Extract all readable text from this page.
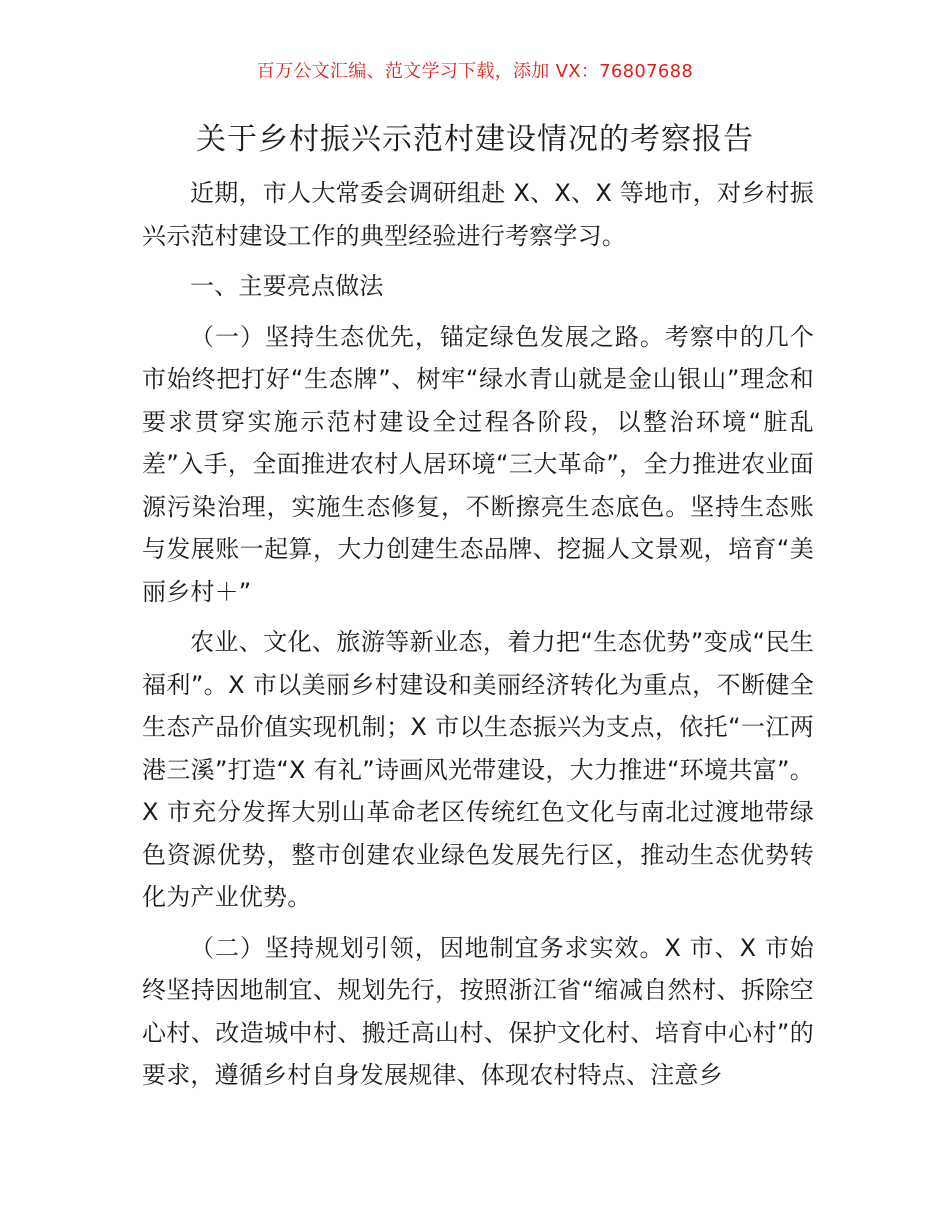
百万公文汇编、范文学习下载，添加 VX：76807688
关于乡村振兴示范村建设情况的考察报告

近期，市人大常委会调研组赴 X、X、X 等地市，对乡村振兴示范村建设工作的典型经验进行考察学习。

一、主要亮点做法

（一）坚持生态优先，锚定绿色发展之路。考察中的几个市始终把打好“生态牌”、树牢“绿水青山就是金山银山”理念和要求贯穿实施示范村建设全过程各阶段，以整治环境“脏乱差”入手，全面推进农村人居环境“三大革命”，全力推进农业面源污染治理，实施生态修复，不断擦亮生态底色。坚持生态账与发展账一起算，大力创建生态品牌、挖掘人文景观，培育“美丽乡村＋”

农业、文化、旅游等新业态，着力把“生态优势”变成“民生福利”。X 市以美丽乡村建设和美丽经济转化为重点，不断健全生态产品价值实现机制；X 市以生态振兴为支点，依托“一江两港三溪”打造“X 有礼”诗画风光带建设，大力推进“环境共富”。X 市充分发挥大别山革命老区传统红色文化与南北过渡地带绿色资源优势，整市创建农业绿色发展先行区，推动生态优势转化为产业优势。

（二）坚持规划引领，因地制宜务求实效。X 市、X 市始终坚持因地制宜、规划先行，按照浙江省“缩减自然村、拆除空心村、改造城中村、搬迁高山村、保护文化村、培育中心村”的要求，遵循乡村自身发展规律、体现农村特点、注意乡
